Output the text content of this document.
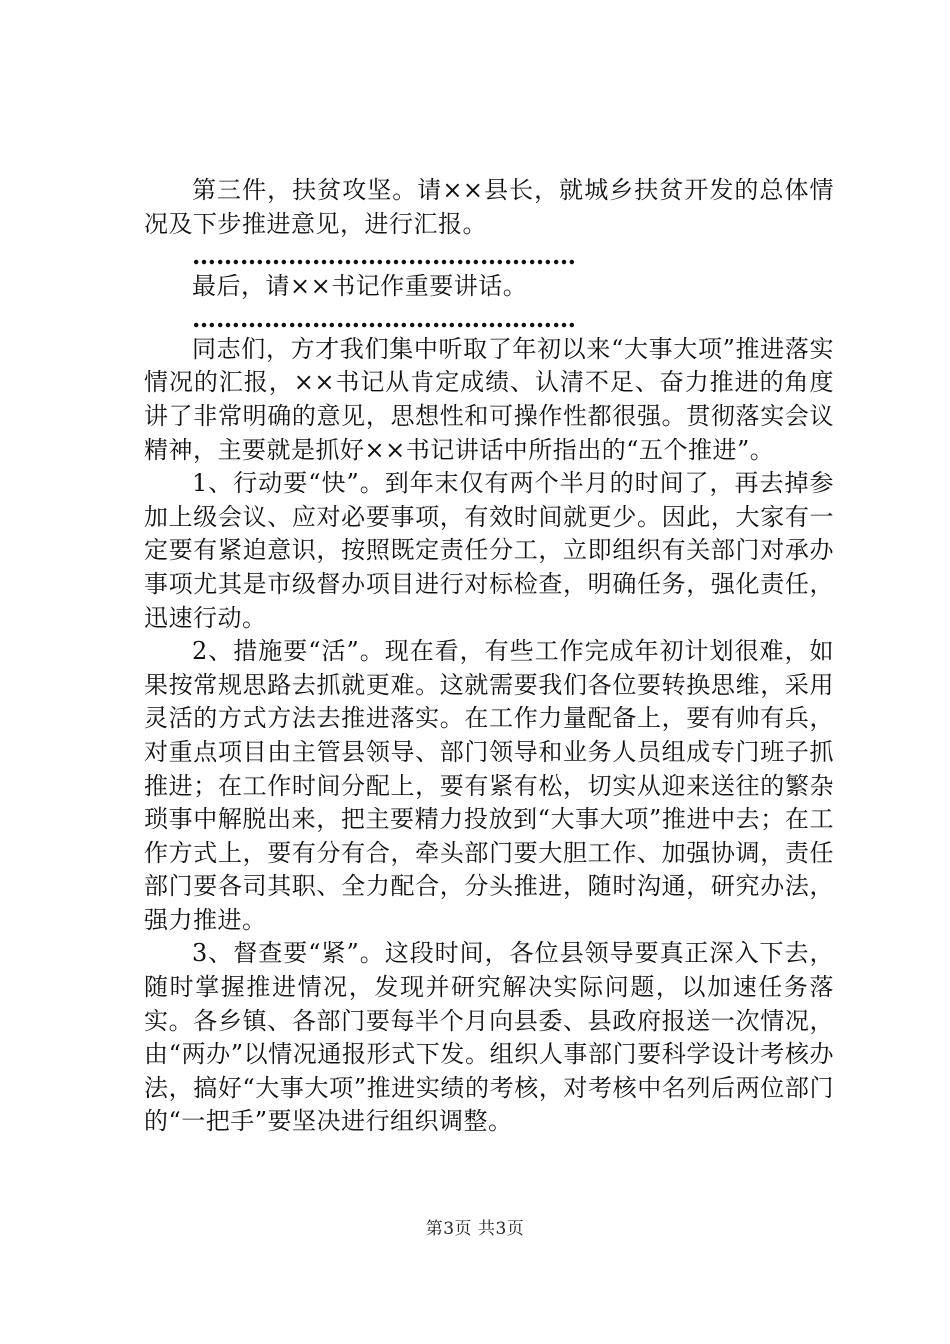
第三件，扶贫攻坚。请××县长，就城乡扶贫开发的总体情况及下步推进意见，进行汇报。

…………………………………………

最后，请××书记作重要讲话。

…………………………………………

同志们，方才我们集中听取了年初以来“大事大项”推进落实情况的汇报，××书记从肯定成绩、认清不足、奋力推进的角度讲了非常明确的意见，思想性和可操作性都很强。贯彻落实会议精神，主要就是抓好××书记讲话中所指出的“五个推进”。

1、行动要“快”。到年末仅有两个半月的时间了，再去掉参加上级会议、应对必要事项，有效时间就更少。因此，大家有一定要有紧迫意识，按照既定责任分工，立即组织有关部门对承办事项尤其是市级督办项目进行对标检查，明确任务，强化责任，迅速行动。

2、措施要“活”。现在看，有些工作完成年初计划很难，如果按常规思路去抓就更难。这就需要我们各位要转换思维，采用灵活的方式方法去推进落实。在工作力量配备上，要有帅有兵，对重点项目由主管县领导、部门领导和业务人员组成专门班子抓推进；在工作时间分配上，要有紧有松，切实从迎来送往的繁杂琐事中解脱出来，把主要精力投放到“大事大项”推进中去；在工作方式上，要有分有合，牵头部门要大胆工作、加强协调，责任部门要各司其职、全力配合，分头推进，随时沟通，研究办法，强力推进。

3、督查要“紧”。这段时间，各位县领导要真正深入下去，随时掌握推进情况，发现并研究解决实际问题，以加速任务落实。各乡镇、各部门要每半个月向县委、县政府报送一次情况，由“两办”以情况通报形式下发。组织人事部门要科学设计考核办法，搞好“大事大项”推进实绩的考核，对考核中名列后两位部门的“一把手”要坚决进行组织调整。

第3页 共3页
